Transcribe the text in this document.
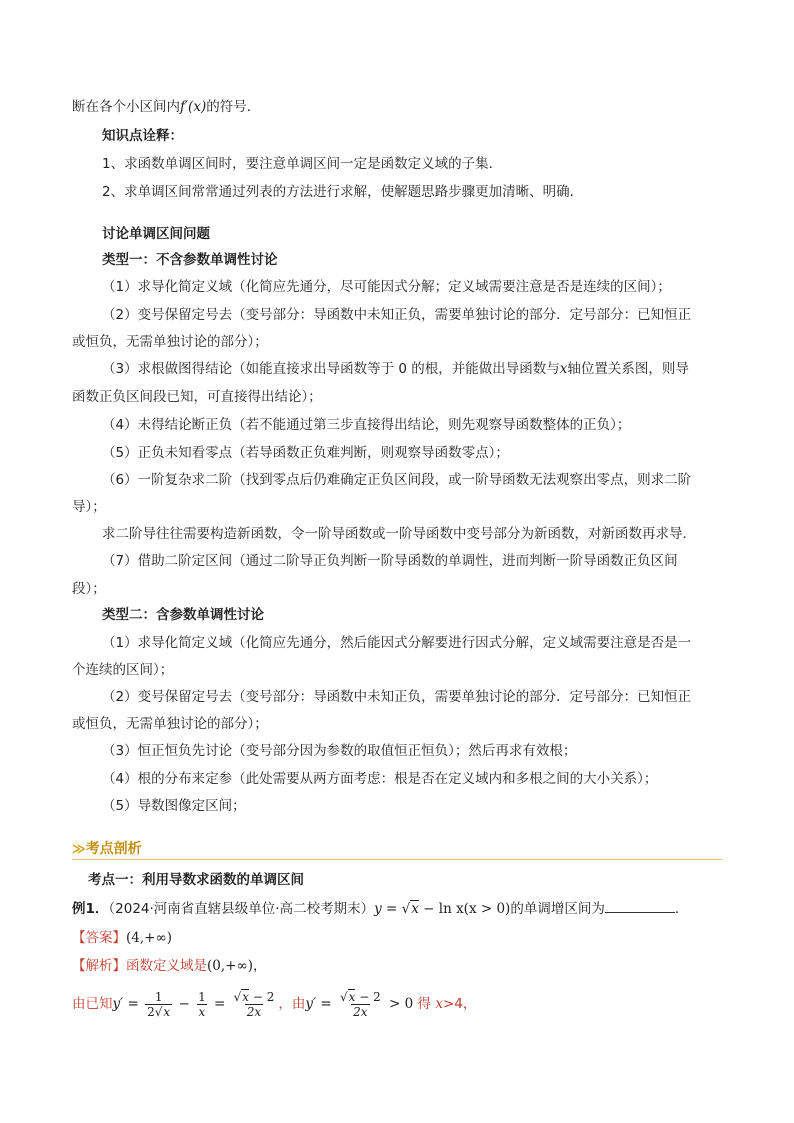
断在各个小区间内f′(x)的符号．
知识点诠释：
1、求函数单调区间时，要注意单调区间一定是函数定义域的子集．
2、求单调区间常常通过列表的方法进行求解，使解题思路步骤更加清晰、明确．
讨论单调区间问题
类型一：不含参数单调性讨论
（1）求导化简定义域（化简应先通分，尽可能因式分解；定义域需要注意是否是连续的区间）；
（2）变号保留定号去（变号部分：导函数中未知正负，需要单独讨论的部分．定号部分：已知恒正
或恒负，无需单独讨论的部分）；
（3）求根做图得结论（如能直接求出导函数等于 0 的根，并能做出导函数与x轴位置关系图，则导
函数正负区间段已知，可直接得出结论）；
（4）未得结论断正负（若不能通过第三步直接得出结论，则先观察导函数整体的正负）；
（5）正负未知看零点（若导函数正负难判断，则观察导函数零点）；
（6）一阶复杂求二阶（找到零点后仍难确定正负区间段，或一阶导函数无法观察出零点，则求二阶
导）；
求二阶导往往需要构造新函数，令一阶导函数或一阶导函数中变号部分为新函数，对新函数再求导．
（7）借助二阶定区间（通过二阶导正负判断一阶导函数的单调性，进而判断一阶导函数正负区间
段）；
类型二：含参数单调性讨论
（1）求导化简定义域（化简应先通分，然后能因式分解要进行因式分解，定义域需要注意是否是一
个连续的区间）；
（2）变号保留定号去（变号部分：导函数中未知正负，需要单独讨论的部分．定号部分：已知恒正
或恒负，无需单独讨论的部分）；
（3）恒正恒负先讨论（变号部分因为参数的取值恒正恒负）；然后再求有效根；
（4）根的分布来定参（此处需要从两方面考虑：根是否在定义域内和多根之间的大小关系）；
（5）导数图像定区间；
≫考点剖析
考点一：利用导数求函数的单调区间
例1．（2024·河南省直辖县级单位·高二校考期末）y = √x − ln x(x > 0)的单调增区间为	．
【答案】(4,+∞)
【解析】函数定义域是(0,+∞)，
由已知$y' = \frac{1}{2√x} - \frac{1}{x} = \frac{√x - 2}{2x}$ ，由$y' = \frac{√x - 2}{2x} > 0$ 得 x>4，
